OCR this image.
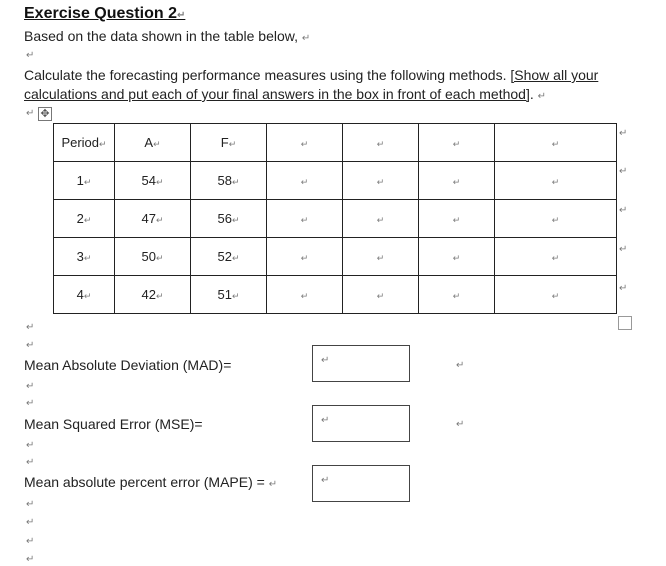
Exercise Question 2↵
Based on the data shown in the table below, ↵
↵
Calculate the forecasting performance measures using the following methods. [Show all your
calculations and put each of your final answers in the box in front of each method]. ↵
↵ ✥
Period↵	A↵	F↵	↵	↵	↵	↵
1↵	54↵	58↵	↵	↵	↵	↵
2↵	47↵	56↵	↵	↵	↵	↵
3↵	50↵	52↵	↵	↵	↵	↵
4↵	42↵	51↵	↵	↵	↵	↵
↵
↵
↵
↵
↵
↵
↵
Mean Absolute Deviation (MAD)=	↵	↵
↵
↵
Mean Squared Error (MSE)=	↵	↵
↵
↵
Mean absolute percent error (MAPE) = ↵	↵
↵
↵
↵
↵
